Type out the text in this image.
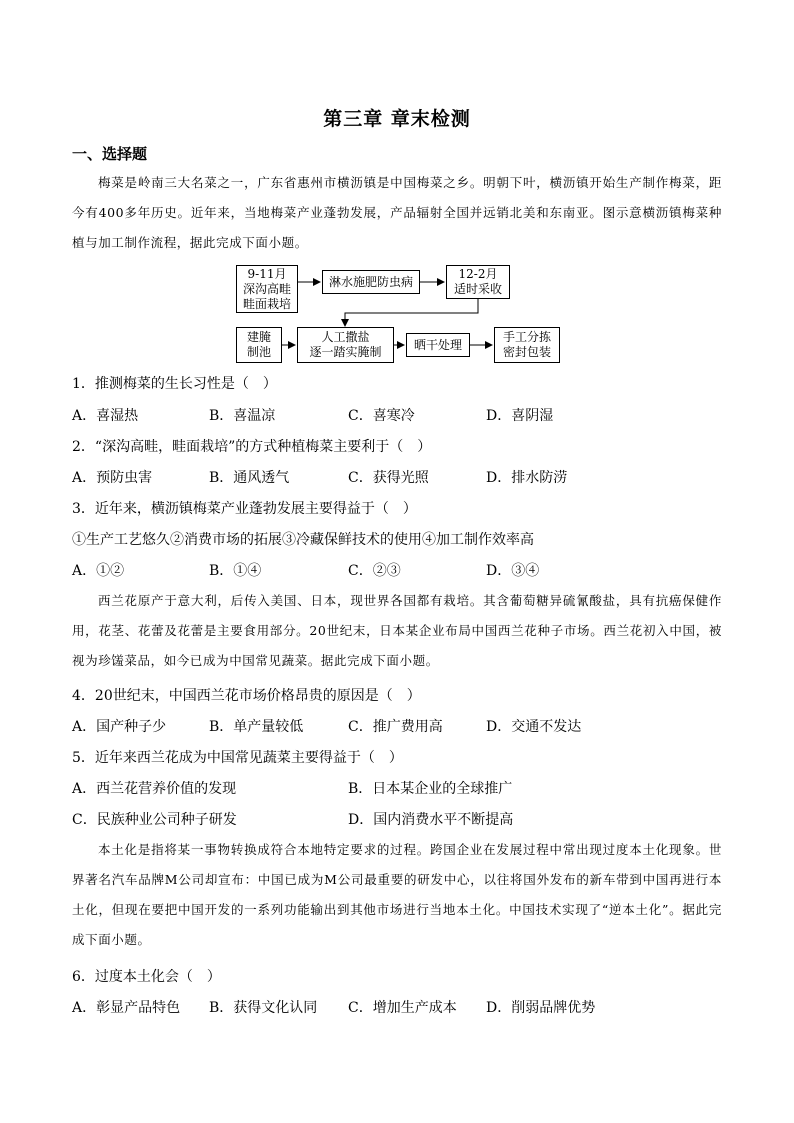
第三章 章末检测
一、选择题
梅菜是岭南三大名菜之一，广东省惠州市横沥镇是中国梅菜之乡。明朝下叶，横沥镇开始生产制作梅菜，距今有400多年历史。近年来，当地梅菜产业蓬勃发展，产品辐射全国并远销北美和东南亚。图示意横沥镇梅菜种植与加工制作流程，据此完成下面小题。
9-11月
深沟高畦
畦面栽培
淋水施肥防虫病
12-2月
适时采收
建腌
制池
人工撒盐
逐一踏实腌制
晒干处理
手工分拣
密封包装
1．推测梅菜的生长习性是（　）
A．喜湿热	B．喜温凉	C．喜寒冷	D．喜阴湿
2．“深沟高畦，畦面栽培”的方式种植梅菜主要利于（　）
A．预防虫害	B．通风透气	C．获得光照	D．排水防涝
3．近年来，横沥镇梅菜产业蓬勃发展主要得益于（　）
①生产工艺悠久②消费市场的拓展③冷藏保鲜技术的使用④加工制作效率高
A．①②	B．①④	C．②③	D．③④
西兰花原产于意大利，后传入美国、日本，现世界各国都有栽培。其含葡萄糖异硫氰酸盐，具有抗癌保健作用，花茎、花蕾及花蕾是主要食用部分。20世纪末，日本某企业布局中国西兰花种子市场。西兰花初入中国，被视为珍馐菜品，如今已成为中国常见蔬菜。据此完成下面小题。
4．20世纪末，中国西兰花市场价格昂贵的原因是（　）
A．国产种子少	B．单产量较低	C．推广费用高	D．交通不发达
5．近年来西兰花成为中国常见蔬菜主要得益于（　）
A．西兰花营养价值的发现	B．日本某企业的全球推广
C．民族种业公司种子研发	D．国内消费水平不断提高
本土化是指将某一事物转换成符合本地特定要求的过程。跨国企业在发展过程中常出现过度本土化现象。世界著名汽车品牌M公司却宣布：中国已成为M公司最重要的研发中心，以往将国外发布的新车带到中国再进行本土化，但现在要把中国开发的一系列功能输出到其他市场进行当地本土化。中国技术实现了“逆本土化”。据此完成下面小题。
6．过度本土化会（　）
A．彰显产品特色 B．获得文化认同 C．增加生产成本 D．削弱品牌优势
